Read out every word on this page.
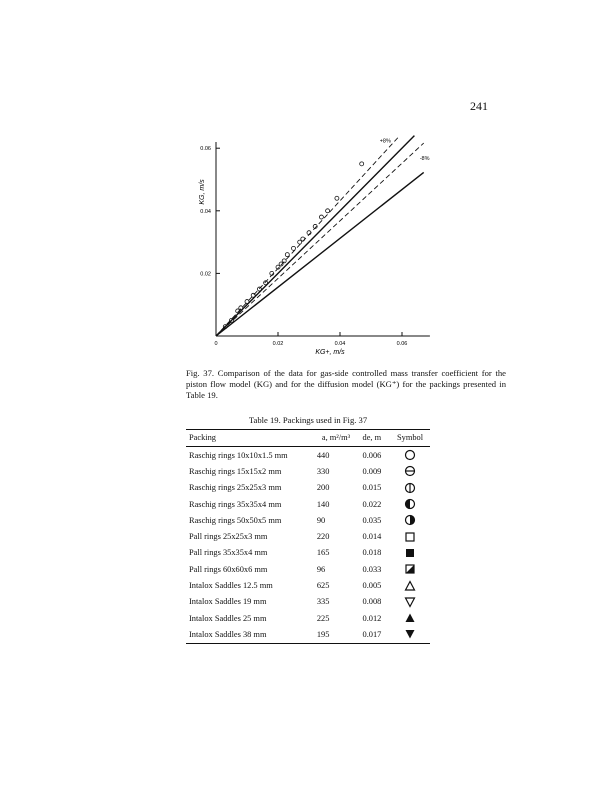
241
0	0.02	0.04	0.06
0.02
0.04
0.06
KG+, m/s
KG, m/s
+8%
-8%
Fig. 37. Comparison of the data for gas-side controlled mass transfer coefficient for the piston flow model (KG) and for the diffusion model (KG⁺) for the packings presented in Table 19.
Table 19. Packings used in Fig. 37
Packing	a, m²/m³	de, m	Symbol
Raschig rings 10x10x1.5 mm	440	0.006	
Raschig rings 15x15x2 mm	330	0.009	
Raschig rings 25x25x3 mm	200	0.015	
Raschig rings 35x35x4 mm	140	0.022	
Raschig rings 50x50x5 mm	90	0.035	
Pall rings 25x25x3 mm	220	0.014	
Pall rings 35x35x4 mm	165	0.018	
Pall rings 60x60x6 mm	96	0.033	
Intalox Saddles 12.5 mm	625	0.005	
Intalox Saddles 19 mm	335	0.008	
Intalox Saddles 25 mm	225	0.012	
Intalox Saddles 38 mm	195	0.017	
